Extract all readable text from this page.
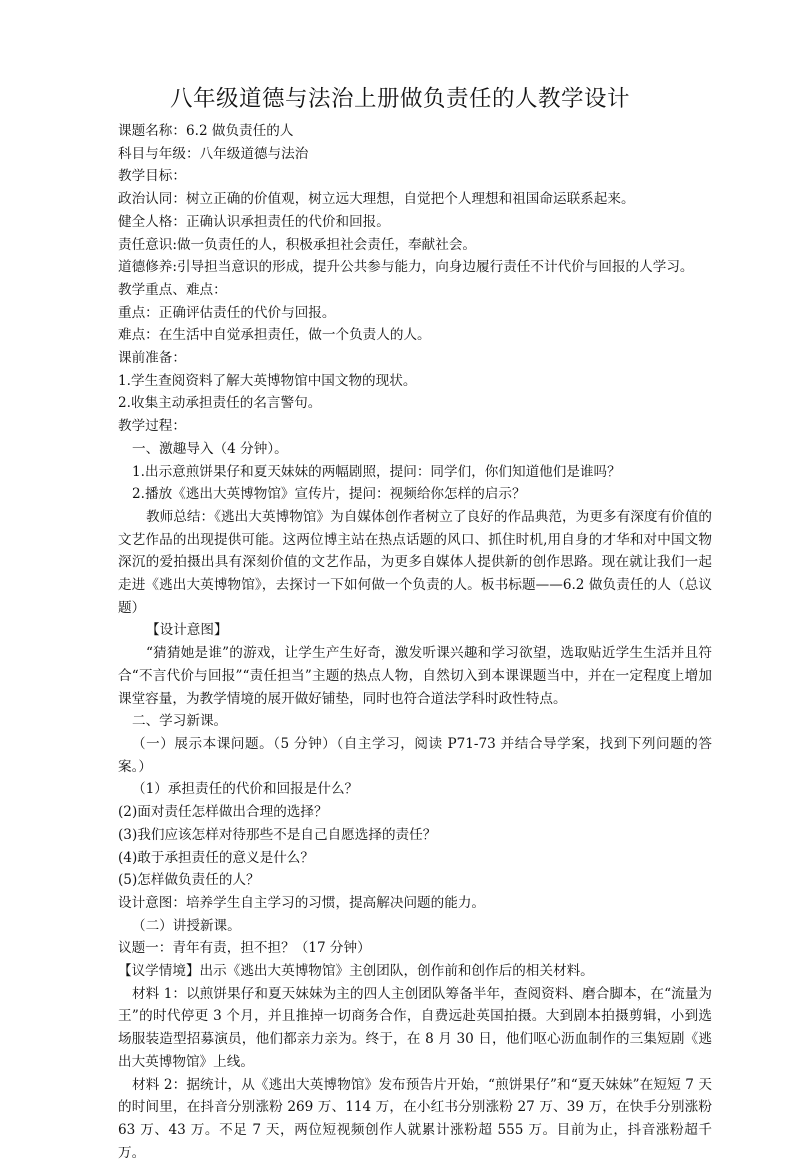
八年级道德与法治上册做负责任的人教学设计

课题名称：6.2 做负责任的人

科目与年级：八年级道德与法治

教学目标：

政治认同：树立正确的价值观，树立远大理想，自觉把个人理想和祖国命运联系起来。

健全人格：正确认识承担责任的代价和回报。

责任意识:做一负责任的人，积极承担社会责任，奉献社会。

道德修养:引导担当意识的形成，提升公共参与能力，向身边履行责任不计代价与回报的人学习。

教学重点、难点：

重点：正确评估责任的代价与回报。

难点：在生活中自觉承担责任，做一个负责人的人。

课前准备：

1.学生查阅资料了解大英博物馆中国文物的现状。

2.收集主动承担责任的名言警句。

教学过程：

一、激趣导入（4 分钟）。

1.出示意煎饼果仔和夏天妹妹的两幅剧照，提问：同学们，你们知道他们是谁吗？

2.播放《逃出大英博物馆》宣传片，提问：视频给你怎样的启示？

教师总结：《逃出大英博物馆》为自媒体创作者树立了良好的作品典范，为更多有深度有价值的文艺作品的出现提供可能。这两位博主站在热点话题的风口、抓住时机,用自身的才华和对中国文物深沉的爱拍摄出具有深刻价值的文艺作品，为更多自媒体人提供新的创作思路。现在就让我们一起走进《逃出大英博物馆》，去探讨一下如何做一个负责的人。板书标题——6.2 做负责任的人（总议题）

【设计意图】

“猜猜她是谁”的游戏，让学生产生好奇，激发听课兴趣和学习欲望，选取贴近学生生活并且符合“不言代价与回报”“责任担当”主题的热点人物，自然切入到本课课题当中，并在一定程度上增加课堂容量，为教学情境的展开做好铺垫，同时也符合道法学科时政性特点。

二、学习新课。

（一）展示本课问题。（5 分钟）（自主学习，阅读 P71-73 并结合导学案，找到下列问题的答案。）

（1）承担责任的代价和回报是什么？

(2)面对责任怎样做出合理的选择？

(3)我们应该怎样对待那些不是自己自愿选择的责任？

(4)敢于承担责任的意义是什么？

(5)怎样做负责任的人？

设计意图：培养学生自主学习的习惯，提高解决问题的能力。

（二）讲授新课。

议题一：青年有责，担不担？（17 分钟）

【议学情境】出示《逃出大英博物馆》主创团队，创作前和创作后的相关材料。

材料 1：以煎饼果仔和夏天妹妹为主的四人主创团队筹备半年，查阅资料、磨合脚本，在“流量为王”的时代停更 3 个月，并且推掉一切商务合作，自费远赴英国拍摄。大到剧本拍摄剪辑，小到选场服装造型招募演员，他们都亲力亲为。终于，在 8 月 30 日，他们呕心沥血制作的三集短剧《逃出大英博物馆》上线。

材料 2：据统计，从《逃出大英博物馆》发布预告片开始，“煎饼果仔”和“夏天妹妹”在短短 7 天的时间里，在抖音分别涨粉 269 万、114 万，在小红书分别涨粉 27 万、39 万，在快手分别涨粉 63 万、43 万。不足 7 天，两位短视频创作人就累计涨粉超 555 万。目前为止，抖音涨粉超千万。
